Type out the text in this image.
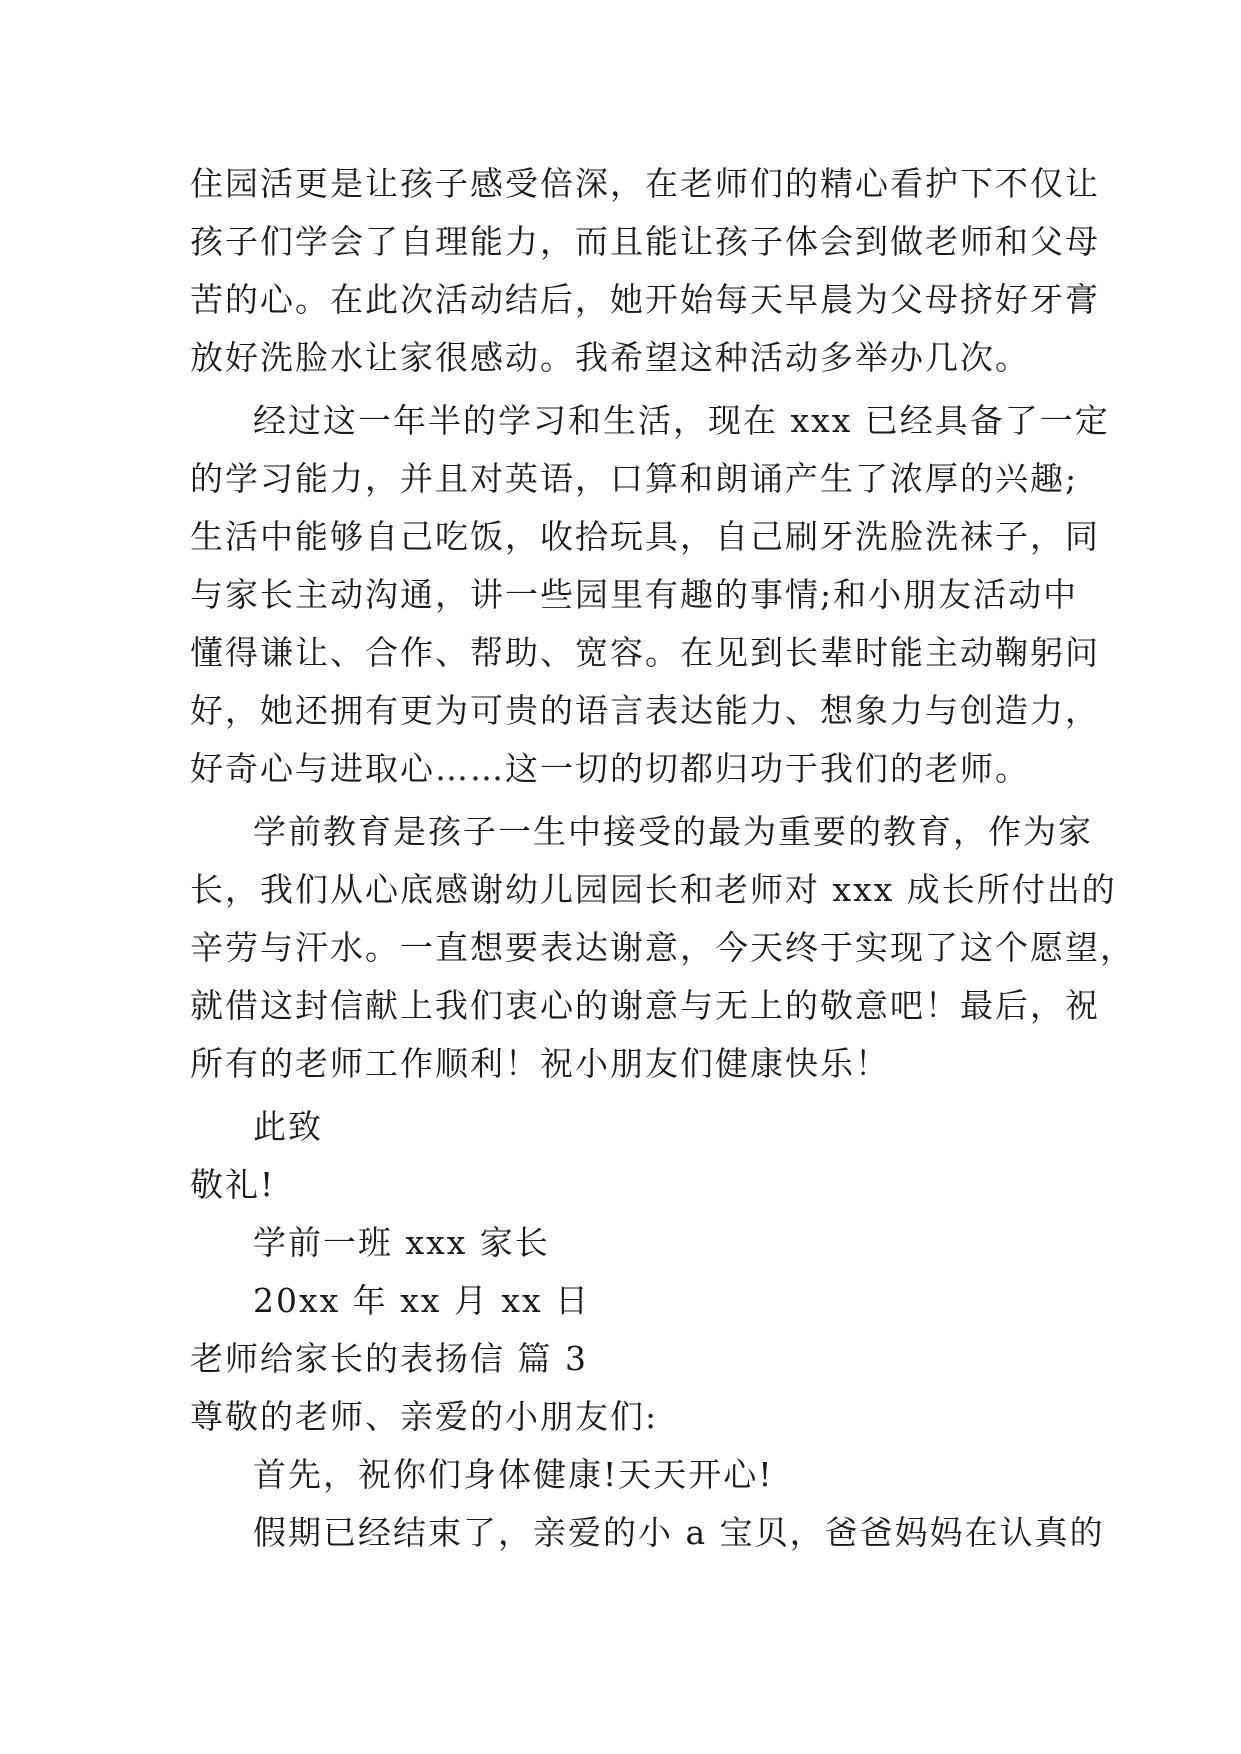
住园活更是让孩子感受倍深，在老师们的精心看护下不仅让
孩子们学会了自理能力，而且能让孩子体会到做老师和父母
苦的心。在此次活动结后，她开始每天早晨为父母挤好牙膏
放好洗脸水让家很感动。我希望这种活动多举办几次。
经过这一年半的学习和生活，现在 xxx 已经具备了一定
的学习能力，并且对英语，口算和朗诵产生了浓厚的兴趣;
生活中能够自己吃饭，收拾玩具，自己刷牙洗脸洗袜子，同
与家长主动沟通，讲一些园里有趣的事情;和小朋友活动中
懂得谦让、合作、帮助、宽容。在见到长辈时能主动鞠躬问
好，她还拥有更为可贵的语言表达能力、想象力与创造力，
好奇心与进取心……这一切的切都归功于我们的老师。
学前教育是孩子一生中接受的最为重要的教育，作为家
长，我们从心底感谢幼儿园园长和老师对 xxx 成长所付出的
辛劳与汗水。一直想要表达谢意，今天终于实现了这个愿望，
就借这封信献上我们衷心的谢意与无上的敬意吧！最后，祝
所有的老师工作顺利！祝小朋友们健康快乐！
此致
敬礼!
学前一班 xxx 家长
20xx 年 xx 月 xx 日
老师给家长的表扬信 篇 3
尊敬的老师、亲爱的小朋友们:
首先，祝你们身体健康!天天开心!
假期已经结束了，亲爱的小 a 宝贝，爸爸妈妈在认真的
